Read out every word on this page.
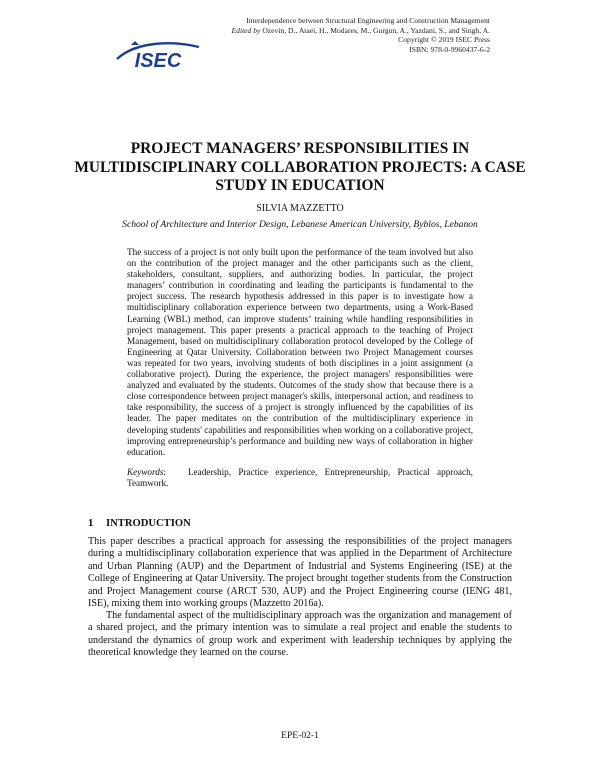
ISEC
Interdependence between Structural Engineering and Construction Management
Edited by Ozevin, D., Ataei, H., Modares, M., Gurgun, A., Yazdani, S., and Singh, A.
Copyright © 2019 ISEC Press
ISBN: 978-0-9960437-6-2
PROJECT MANAGERS’ RESPONSIBILITIES IN MULTIDISCIPLINARY COLLABORATION PROJECTS: A CASE STUDY IN EDUCATION
SILVIA MAZZETTO
School of Architecture and Interior Design, Lebanese American University, Byblos, Lebanon

The success of a project is not only built upon the performance of the team involved but also on the contribution of the project manager and the other participants such as the client, stakeholders, consultant, suppliers, and authorizing bodies. In particular, the project managers’ contribution in coordinating and leading the participants is fundamental to the project success. The research hypothesis addressed in this paper is to investigate how a multidisciplinary collaboration experience between two departments, using a Work-Based Learning (WBL) method, can improve students’ training while handling responsibilities in project management. This paper presents a practical approach to the teaching of Project Management, based on multidisciplinary collaboration protocol developed by the College of Engineering at Qatar University. Collaboration between two Project Management courses was repeated for two years, involving students of both disciplines in a joint assignment (a collaborative project). During the experience, the project managers' responsibilities were analyzed and evaluated by the students. Outcomes of the study show that because there is a close correspondence between project manager's skills, interpersonal action, and readiness to take responsibility, the success of a project is strongly influenced by the capabilities of its leader. The paper meditates on the contribution of the multidisciplinary experience in developing students' capabilities and responsibilities when working on a collaborative project, improving entrepreneurship’s performance and building new ways of collaboration in higher education.

Keywords:   Leadership, Practice experience, Entrepreneurship, Practical approach, Teamwork.

1 INTRODUCTION

This paper describes a practical approach for assessing the responsibilities of the project managers during a multidisciplinary collaboration experience that was applied in the Department of Architecture and Urban Planning (AUP) and the Department of Industrial and Systems Engineering (ISE) at the College of Engineering at Qatar University. The project brought together students from the Construction and Project Management course (ARCT 530, AUP) and the Project Engineering course (IENG 481, ISE), mixing them into working groups (Mazzetto 2016a).

The fundamental aspect of the multidisciplinary approach was the organization and management of a shared project, and the primary intention was to simulate a real project and enable the students to understand the dynamics of group work and experiment with leadership techniques by applying the theoretical knowledge they learned on the course.

EPE-02-1
